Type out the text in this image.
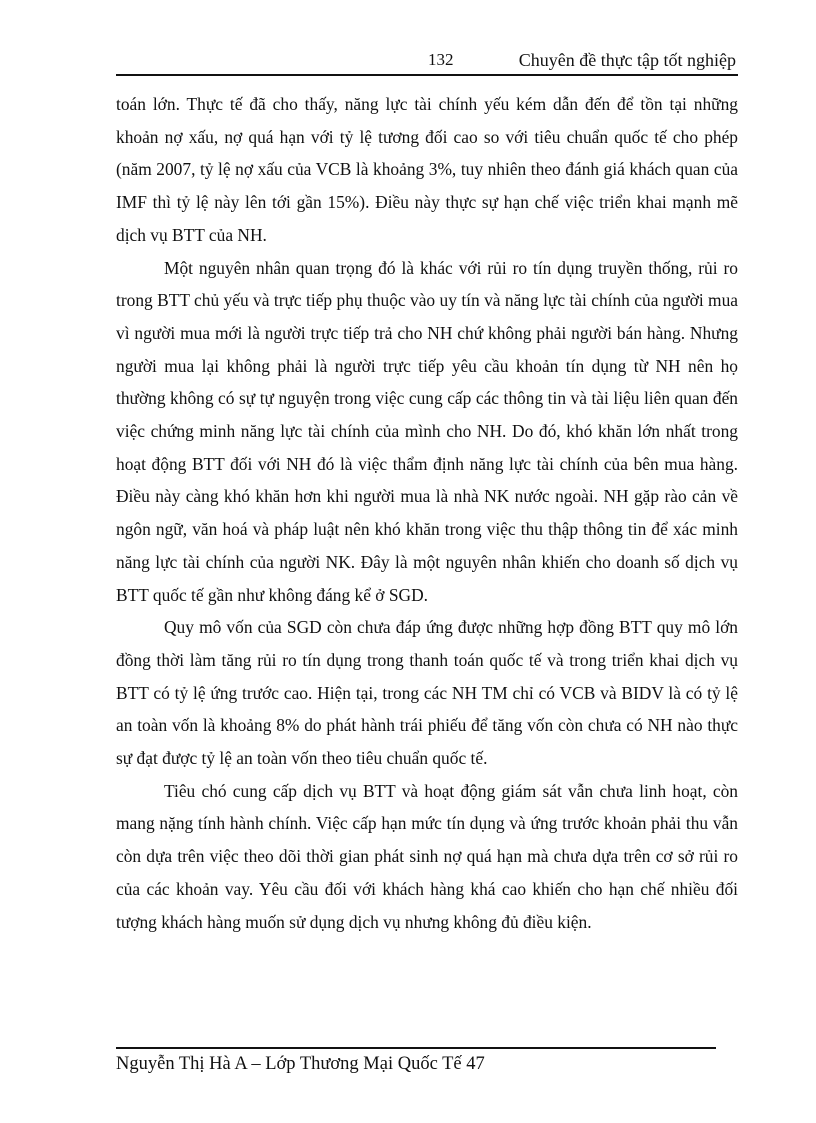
132	Chuyên đề thực tập tốt nghiệp

toán lớn. Thực tế đã cho thấy, năng lực tài chính yếu kém dẫn đến để tồn tại những khoản nợ xấu, nợ quá hạn với tỷ lệ tương đối cao so với tiêu chuẩn quốc tế cho phép (năm 2007, tỷ lệ nợ xấu của VCB là khoảng 3%, tuy nhiên theo đánh giá khách quan của IMF thì tỷ lệ này lên tới gần 15%). Điều này thực sự hạn chế việc triển khai mạnh mẽ dịch vụ BTT của NH.

Một nguyên nhân quan trọng đó là khác với rủi ro tín dụng truyền thống, rủi ro trong BTT chủ yếu và trực tiếp phụ thuộc vào uy tín và năng lực tài chính của người mua vì người mua mới là người trực tiếp trả cho NH chứ không phải người bán hàng. Nhưng người mua lại không phải là người trực tiếp yêu cầu khoản tín dụng từ NH nên họ thường không có sự tự nguyện trong việc cung cấp các thông tin và tài liệu liên quan đến việc chứng minh năng lực tài chính của mình cho NH. Do đó, khó khăn lớn nhất trong hoạt động BTT đối với NH đó là việc thẩm định năng lực tài chính của bên mua hàng. Điều này càng khó khăn hơn khi người mua là nhà NK nước ngoài. NH gặp rào cản về ngôn ngữ, văn hoá và pháp luật nên khó khăn trong việc thu thập thông tin để xác minh năng lực tài chính của người NK. Đây là một nguyên nhân khiến cho doanh số dịch vụ BTT quốc tế gần như không đáng kể ở SGD.

Quy mô vốn của SGD còn chưa đáp ứng được những hợp đồng BTT quy mô lớn đồng thời làm tăng rủi ro tín dụng trong thanh toán quốc tế và trong triển khai dịch vụ BTT có tỷ lệ ứng trước cao. Hiện tại, trong các NH TM chỉ có VCB và BIDV là có tỷ lệ an toàn vốn là khoảng 8% do phát hành trái phiếu để tăng vốn còn chưa có NH nào thực sự đạt được tỷ lệ an toàn vốn theo tiêu chuẩn quốc tế.

Tiêu chó cung cấp dịch vụ BTT và hoạt động giám sát vẫn chưa linh hoạt, còn mang nặng tính hành chính. Việc cấp hạn mức tín dụng và ứng trước khoản phải thu vẫn còn dựa trên việc theo dõi thời gian phát sinh nợ quá hạn mà chưa dựa trên cơ sở rủi ro của các khoản vay. Yêu cầu đối với khách hàng khá cao khiến cho hạn chế nhiều đối tượng khách hàng muốn sử dụng dịch vụ nhưng không đủ điều kiện.

Nguyễn Thị Hà A – Lớp Thương Mại Quốc Tế 47
